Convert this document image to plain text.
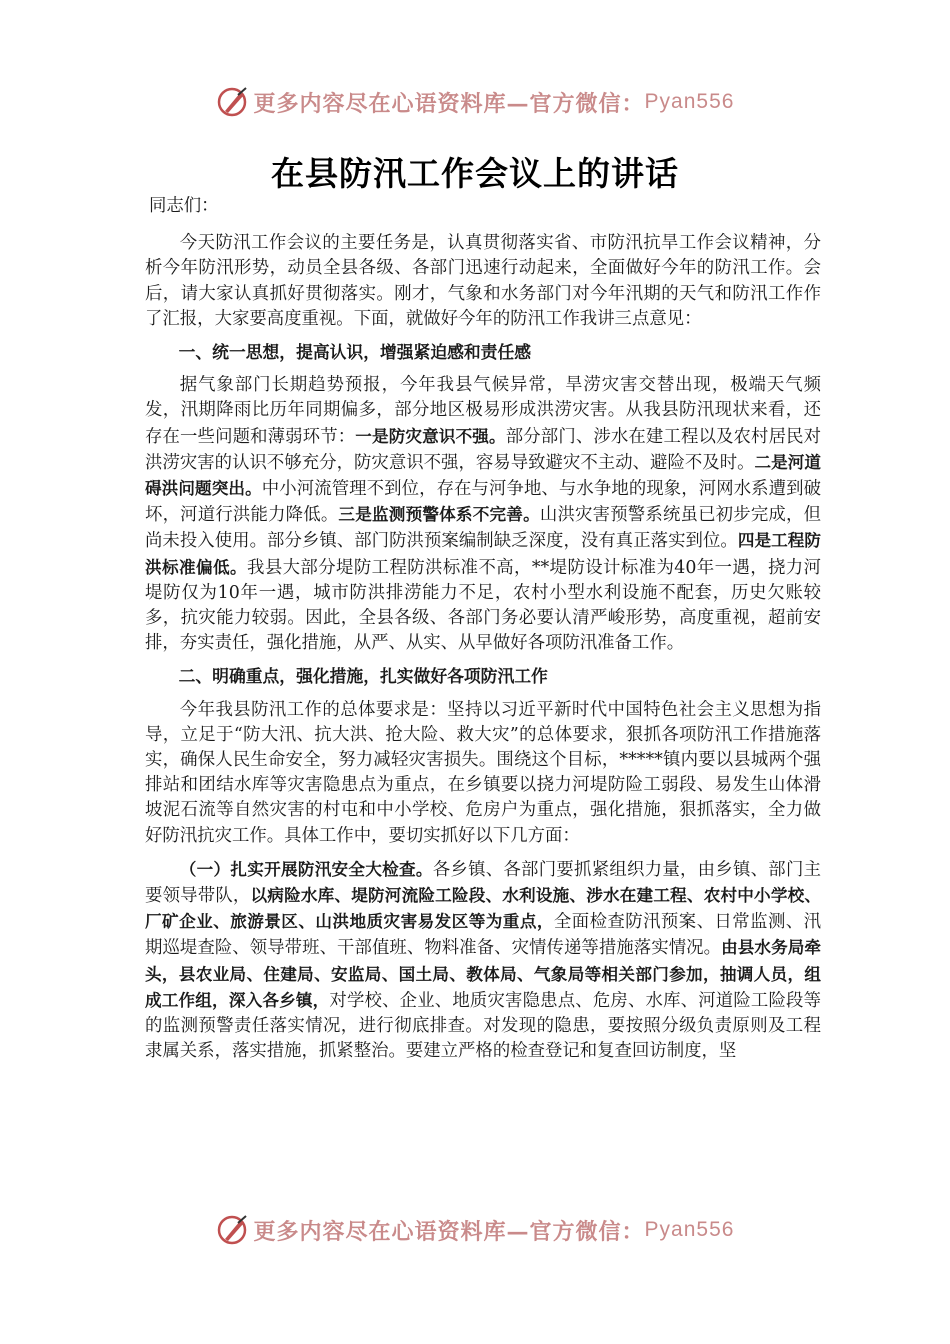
更多内容尽在心语资料库—官方微信： Pyan556
在县防汛工作会议上的讲话

同志们：

今天防汛工作会议的主要任务是，认真贯彻落实省、市防汛抗旱工作会议精神，分析今年防汛形势，动员全县各级、各部门迅速行动起来，全面做好今年的防汛工作。会后，请大家认真抓好贯彻落实。刚才，气象和水务部门对今年汛期的天气和防汛工作作了汇报，大家要高度重视。下面，就做好今年的防汛工作我讲三点意见：

一、统一思想，提高认识，增强紧迫感和责任感

据气象部门长期趋势预报，今年我县气候异常，旱涝灾害交替出现，极端天气频发，汛期降雨比历年同期偏多，部分地区极易形成洪涝灾害。从我县防汛现状来看，还存在一些问题和薄弱环节：一是防灾意识不强。部分部门、涉水在建工程以及农村居民对洪涝灾害的认识不够充分，防灾意识不强，容易导致避灾不主动、避险不及时。二是河道碍洪问题突出。中小河流管理不到位，存在与河争地、与水争地的现象，河网水系遭到破坏，河道行洪能力降低。三是监测预警体系不完善。山洪灾害预警系统虽已初步完成，但尚未投入使用。部分乡镇、部门防洪预案编制缺乏深度，没有真正落实到位。四是工程防洪标准偏低。我县大部分堤防工程防洪标准不高，**堤防设计标准为40年一遇，挠力河堤防仅为10年一遇，城市防洪排涝能力不足，农村小型水利设施不配套，历史欠账较多，抗灾能力较弱。因此，全县各级、各部门务必要认清严峻形势，高度重视，超前安排，夯实责任，强化措施，从严、从实、从早做好各项防汛准备工作。

二、明确重点，强化措施，扎实做好各项防汛工作

今年我县防汛工作的总体要求是：坚持以习近平新时代中国特色社会主义思想为指导，立足于“防大汛、抗大洪、抢大险、救大灾”的总体要求，狠抓各项防汛工作措施落实，确保人民生命安全，努力减轻灾害损失。围绕这个目标，*****镇内要以县城两个强排站和团结水库等灾害隐患点为重点，在乡镇要以挠力河堤防险工弱段、易发生山体滑坡泥石流等自然灾害的村屯和中小学校、危房户为重点，强化措施，狠抓落实，全力做好防汛抗灾工作。具体工作中，要切实抓好以下几方面：

（一）扎实开展防汛安全大检查。各乡镇、各部门要抓紧组织力量，由乡镇、部门主要领导带队，以病险水库、堤防河流险工险段、水利设施、涉水在建工程、农村中小学校、厂矿企业、旅游景区、山洪地质灾害易发区等为重点，全面检查防汛预案、日常监测、汛期巡堤查险、领导带班、干部值班、物料准备、灾情传递等措施落实情况。由县水务局牵头，县农业局、住建局、安监局、国土局、教体局、气象局等相关部门参加，抽调人员，组成工作组，深入各乡镇，对学校、企业、地质灾害隐患点、危房、水库、河道险工险段等的监测预警责任落实情况，进行彻底排查。对发现的隐患，要按照分级负责原则及工程隶属关系，落实措施，抓紧整治。要建立严格的检查登记和复查回访制度，坚

更多内容尽在心语资料库—官方微信： Pyan556
